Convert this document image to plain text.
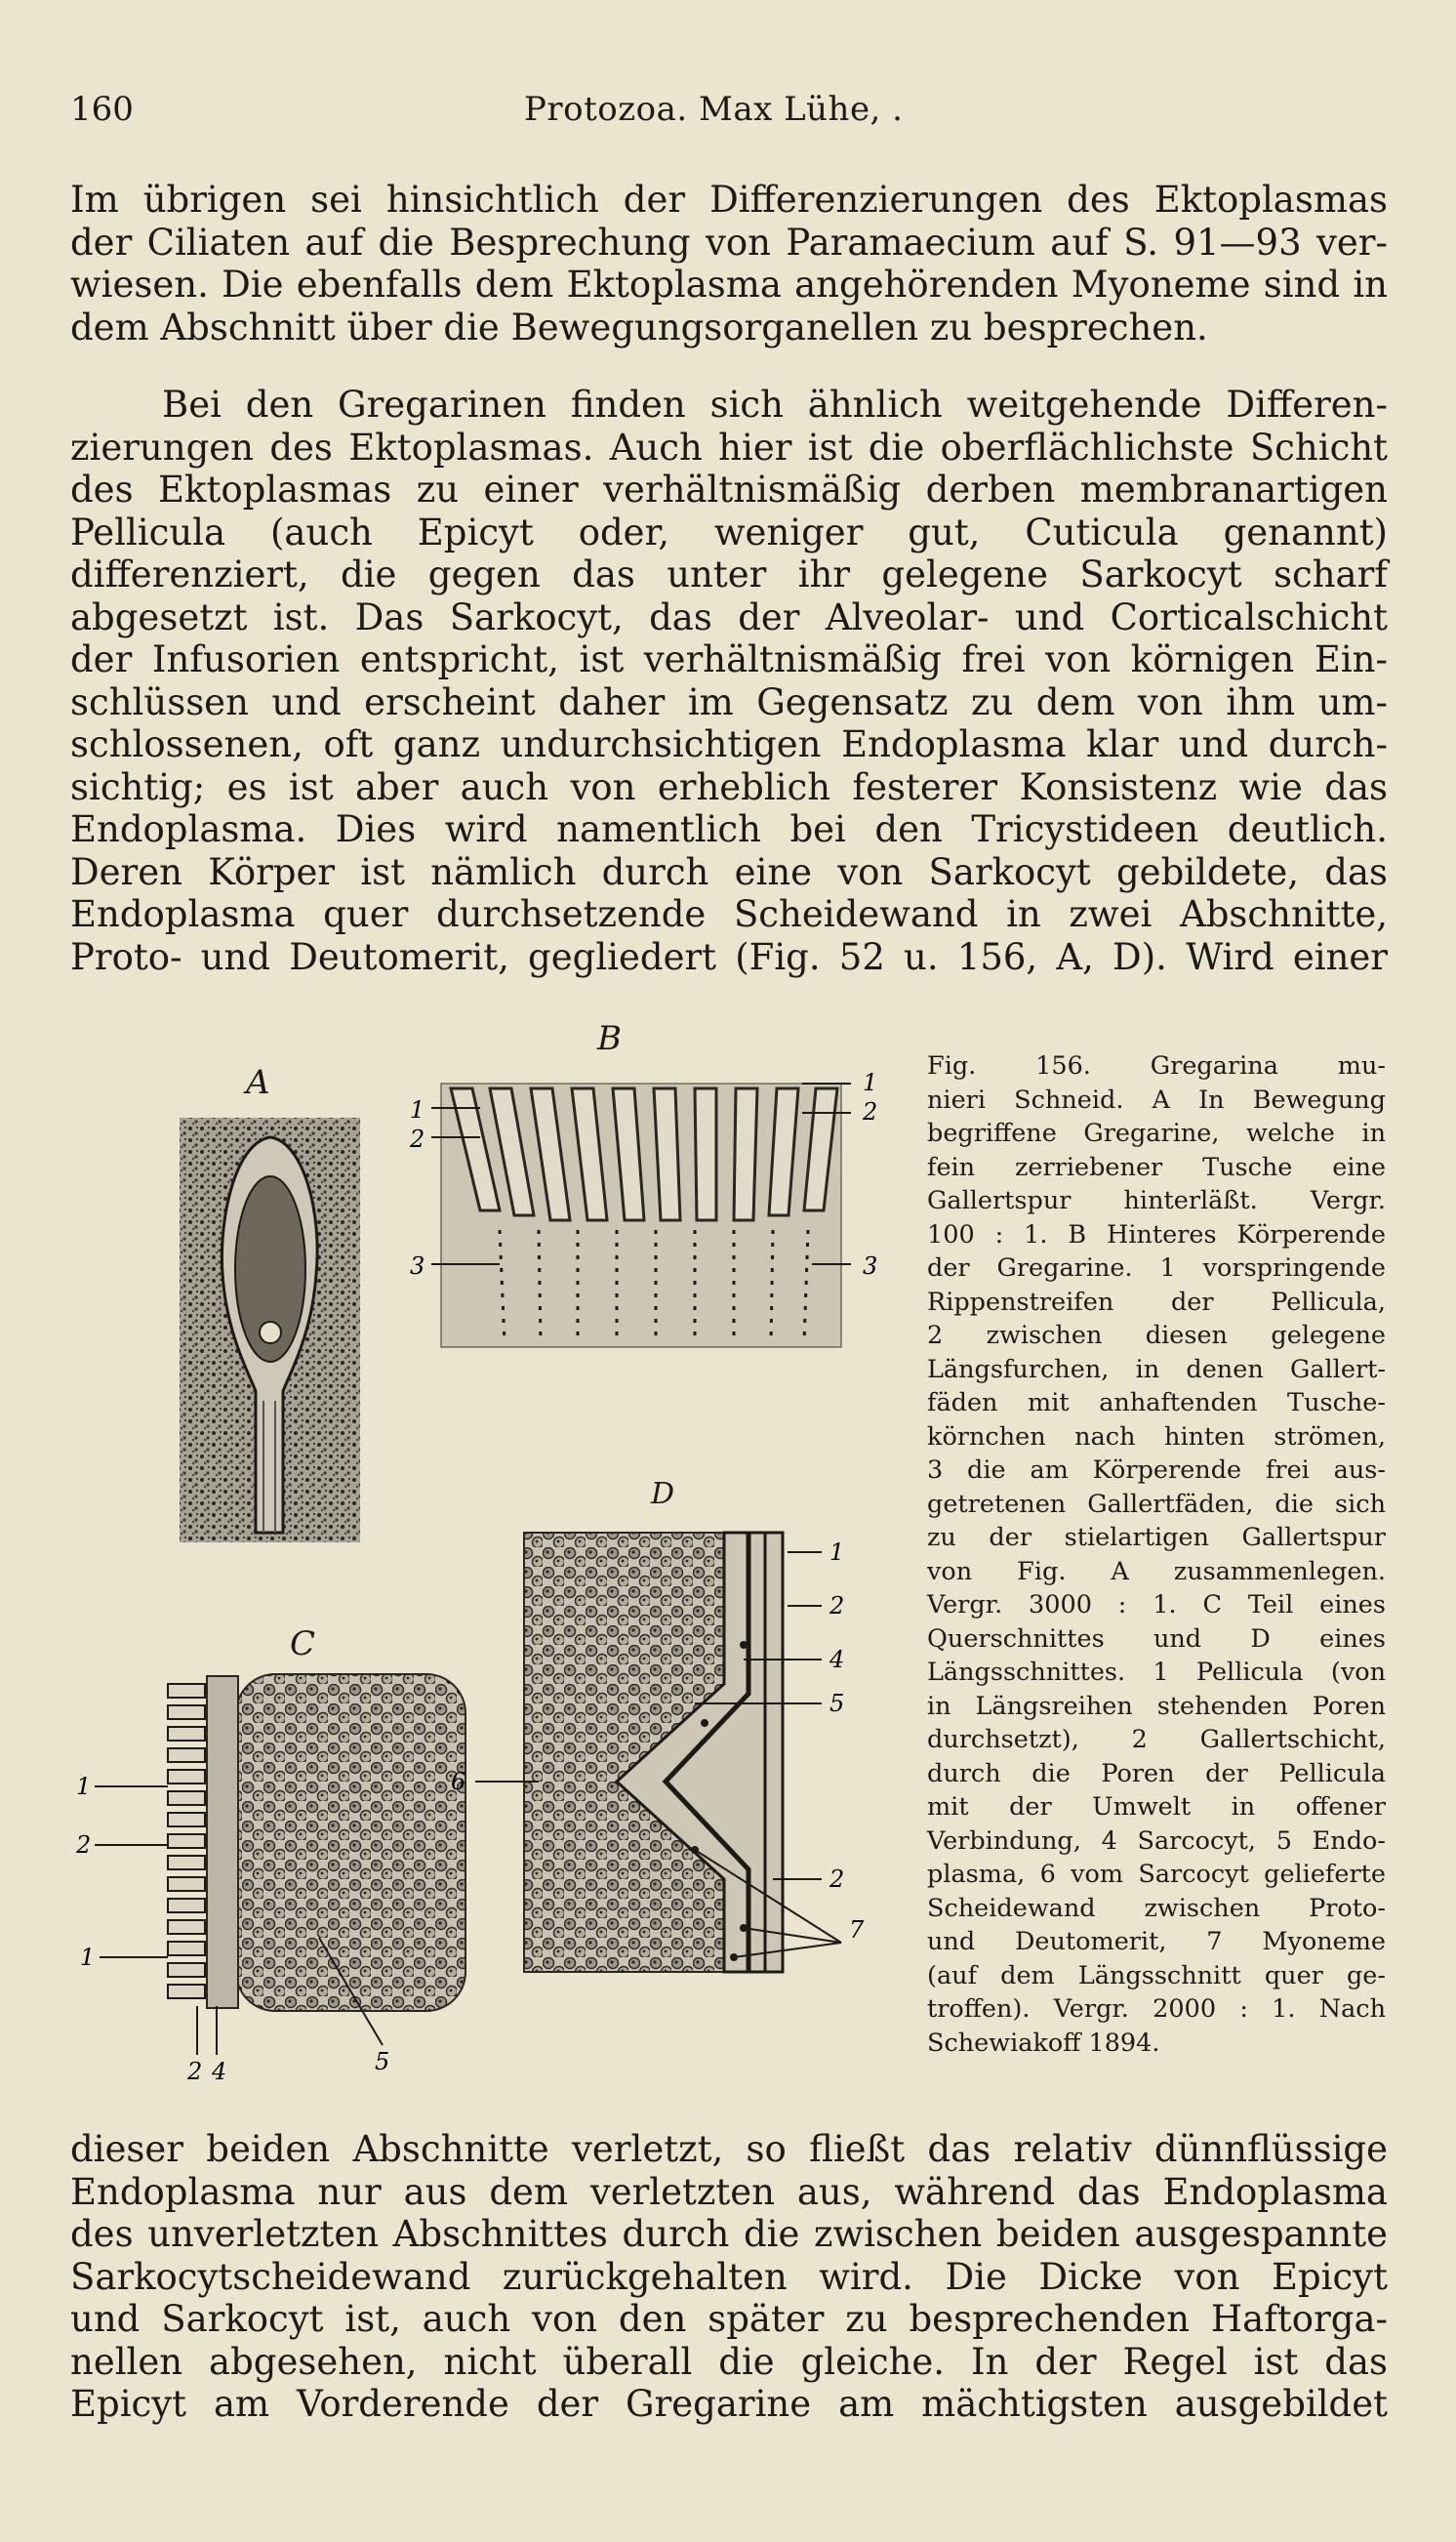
160	Protozoa. Max Lühe, .
Im übrigen sei hinsichtlich der Differenzierungen des Ektoplasmas
der Ciliaten auf die Besprechung von Paramaecium auf S. 91—93 ver-
wiesen. Die ebenfalls dem Ektoplasma angehörenden Myoneme sind in
dem Abschnitt über die Bewegungsorganellen zu besprechen.
Bei den Gregarinen finden sich ähnlich weitgehende Differen-
zierungen des Ektoplasmas. Auch hier ist die oberflächlichste Schicht
des Ektoplasmas zu einer verhältnismäßig derben membranartigen
Pellicula (auch Epicyt oder, weniger gut, Cuticula genannt)
differenziert, die gegen das unter ihr gelegene Sarkocyt scharf
abgesetzt ist. Das Sarkocyt, das der Alveolar- und Corticalschicht
der Infusorien entspricht, ist verhältnismäßig frei von körnigen Ein-
schlüssen und erscheint daher im Gegensatz zu dem von ihm um-
schlossenen, oft ganz undurchsichtigen Endoplasma klar und durch-
sichtig; es ist aber auch von erheblich festerer Konsistenz wie das
Endoplasma. Dies wird namentlich bei den Tricystideen deutlich.
Deren Körper ist nämlich durch eine von Sarkocyt gebildete, das
Endoplasma quer durchsetzende Scheidewand in zwei Abschnitte,
Proto- und Deutomerit, gegliedert (Fig. 52 u. 156, A, D). Wird einer
A
B
1
2
1
2
3	3
C
1
2
1
2 4	5
D
1
2
4
5
6
2
7
Fig. 156. Gregarina mu-
nieri Schneid. A In Bewegung
begriffene Gregarine, welche in
fein zerriebener Tusche eine
Gallertspur hinterläßt. Vergr.
100 : 1. B Hinteres Körperende
der Gregarine. 1 vorspringende
Rippenstreifen der Pellicula,
2 zwischen diesen gelegene
Längsfurchen, in denen Gallert-
fäden mit anhaftenden Tusche-
körnchen nach hinten strömen,
3 die am Körperende frei aus-
getretenen Gallertfäden, die sich
zu der stielartigen Gallertspur
von Fig. A zusammenlegen.
Vergr. 3000 : 1. C Teil eines
Querschnittes und D eines
Längsschnittes. 1 Pellicula (von
in Längsreihen stehenden Poren
durchsetzt), 2 Gallertschicht,
durch die Poren der Pellicula
mit der Umwelt in offener
Verbindung, 4 Sarcocyt, 5 Endo-
plasma, 6 vom Sarcocyt gelieferte
Scheidewand zwischen Proto-
und Deutomerit, 7 Myoneme
(auf dem Längsschnitt quer ge-
troffen). Vergr. 2000 : 1. Nach
Schewiakoff 1894.
dieser beiden Abschnitte verletzt, so fließt das relativ dünnflüssige
Endoplasma nur aus dem verletzten aus, während das Endoplasma
des unverletzten Abschnittes durch die zwischen beiden ausgespannte
Sarkocytscheidewand zurückgehalten wird. Die Dicke von Epicyt
und Sarkocyt ist, auch von den später zu besprechenden Haftorga-
nellen abgesehen, nicht überall die gleiche. In der Regel ist das
Epicyt am Vorderende der Gregarine am mächtigsten ausgebildet
